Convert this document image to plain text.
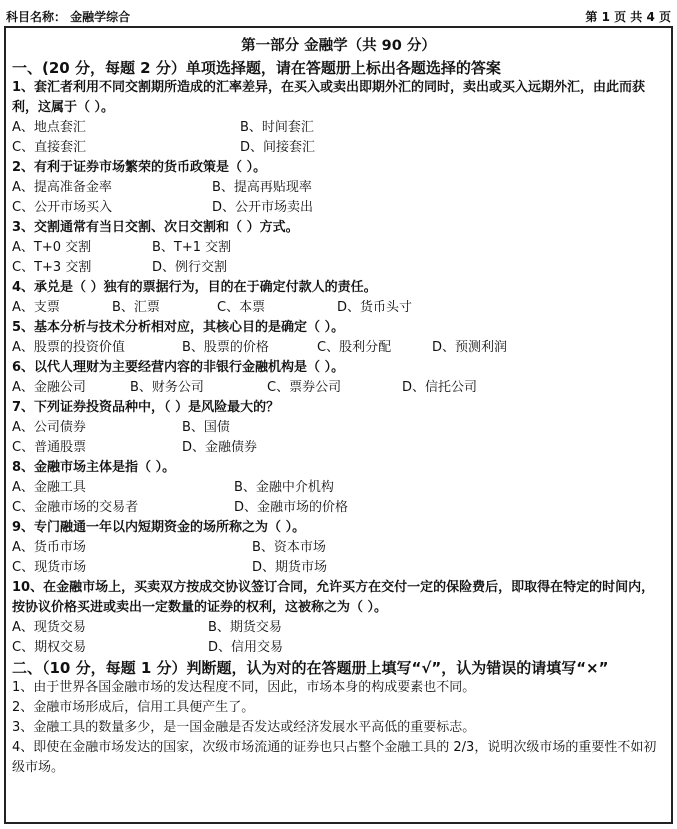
科目名称： 金融学综合	第 1 页 共 4 页
第一部分 金融学（共 90 分）
一、(20 分，每题 2 分）单项选择题，请在答题册上标出各题选择的答案
1、套汇者利用不同交割期所造成的汇率差异，在买入或卖出即期外汇的同时，卖出或买入远期外汇，由此而获利，这属于（ ）。
A、地点套汇	B、时间套汇
C、直接套汇	D、间接套汇
2、有利于证券市场繁荣的货币政策是（ ）。
A、提高准备金率	B、提高再贴现率
C、公开市场买入	D、公开市场卖出
3、交割通常有当日交割、次日交割和（ ）方式。
A、T+0 交割	B、T+1 交割
C、T+3 交割	D、例行交割
4、承兑是（ ）独有的票据行为，目的在于确定付款人的责任。
A、支票	B、汇票	C、本票	D、货币头寸
5、基本分析与技术分析相对应，其核心目的是确定（ ）。
A、股票的投资价值	B、股票的价格	C、股利分配	D、预测利润
6、以代人理财为主要经营内容的非银行金融机构是（ ）。
A、金融公司	B、财务公司	C、票券公司	D、信托公司
7、下列证券投资品种中，（ ）是风险最大的？
A、公司债券	B、国债
C、普通股票	D、金融债券
8、金融市场主体是指（ ）。
A、金融工具	B、金融中介机构
C、金融市场的交易者	D、金融市场的价格
9、专门融通一年以内短期资金的场所称之为（ ）。
A、货币市场	B、资本市场
C、现货市场	D、期货市场
10、在金融市场上，买卖双方按成交协议签订合同，允许买方在交付一定的保险费后，即取得在特定的时间内，按协议价格买进或卖出一定数量的证券的权利，这被称之为（ ）。
A、现货交易	B、期货交易
C、期权交易	D、信用交易
二、（10 分，每题 1 分）判断题，认为对的在答题册上填写“√”，认为错误的请填写“×”
1、由于世界各国金融市场的发达程度不同，因此，市场本身的构成要素也不同。
2、金融市场形成后，信用工具便产生了。
3、金融工具的数量多少，是一国金融是否发达或经济发展水平高低的重要标志。
4、即使在金融市场发达的国家，次级市场流通的证券也只占整个金融工具的 2/3，说明次级市场的重要性不如初级市场。
